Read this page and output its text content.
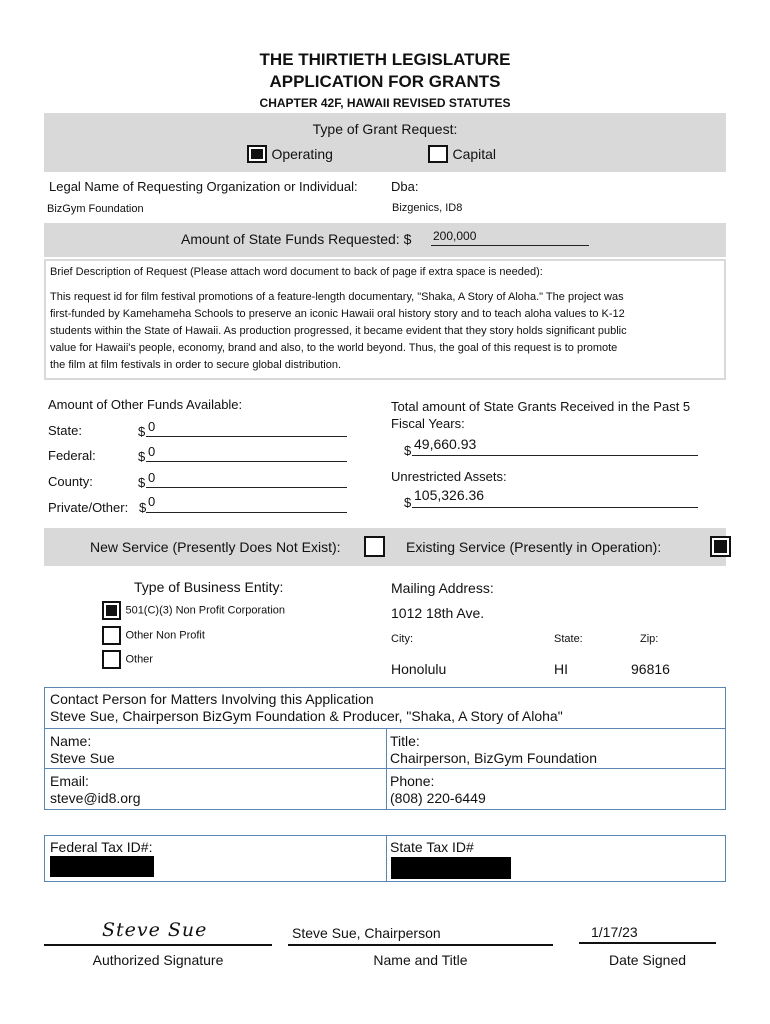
THE THIRTIETH LEGISLATURE
APPLICATION FOR GRANTS
CHAPTER 42F, HAWAII REVISED STATUTES
Type of Grant Request:
Operating	Capital
Legal Name of Requesting Organization or Individual:
BizGym Foundation
Dba:
Bizgenics, ID8
Amount of State Funds Requested: $ 200,000
Brief Description of Request (Please attach word document to back of page if extra space is needed):
This request id for film festival promotions of a feature-length documentary, "Shaka, A Story of Aloha." The project was
first-funded by Kamehameha Schools to preserve an iconic Hawaii oral history story and to teach aloha values to K-12
students within the State of Hawaii. As production progressed, it became evident that they story holds significant public
value for Hawaii's people, economy, brand and also, to the world beyond. Thus, the goal of this request is to promote
the film at film festivals in order to secure global distribution.
Amount of Other Funds Available:
State:	$ 0
Federal:	$ 0
County:	$ 0
Private/Other: $ 0
Total amount of State Grants Received in the Past 5
Fiscal Years:
$ 49,660.93
Unrestricted Assets:
$ 105,326.36
New Service (Presently Does Not Exist):
	Existing Service (Presently in Operation):
Type of Business Entity:
501(C)(3) Non Profit Corporation
Other Non Profit
Other
Mailing Address:
1012 18th Ave.
City:	State:	Zip:
Honolulu	HI	96816
Contact Person for Matters Involving this Application
Steve Sue, Chairperson BizGym Foundation & Producer, "Shaka, A Story of Aloha"
Name:
Steve Sue
Title:
Chairperson, BizGym Foundation
Email:
steve@id8.org
Phone:
(808) 220-6449
Federal Tax ID#:	State Tax ID#
Steve Sue
Authorized Signature
Steve Sue, Chairperson
Name and Title
1/17/23
Date Signed
